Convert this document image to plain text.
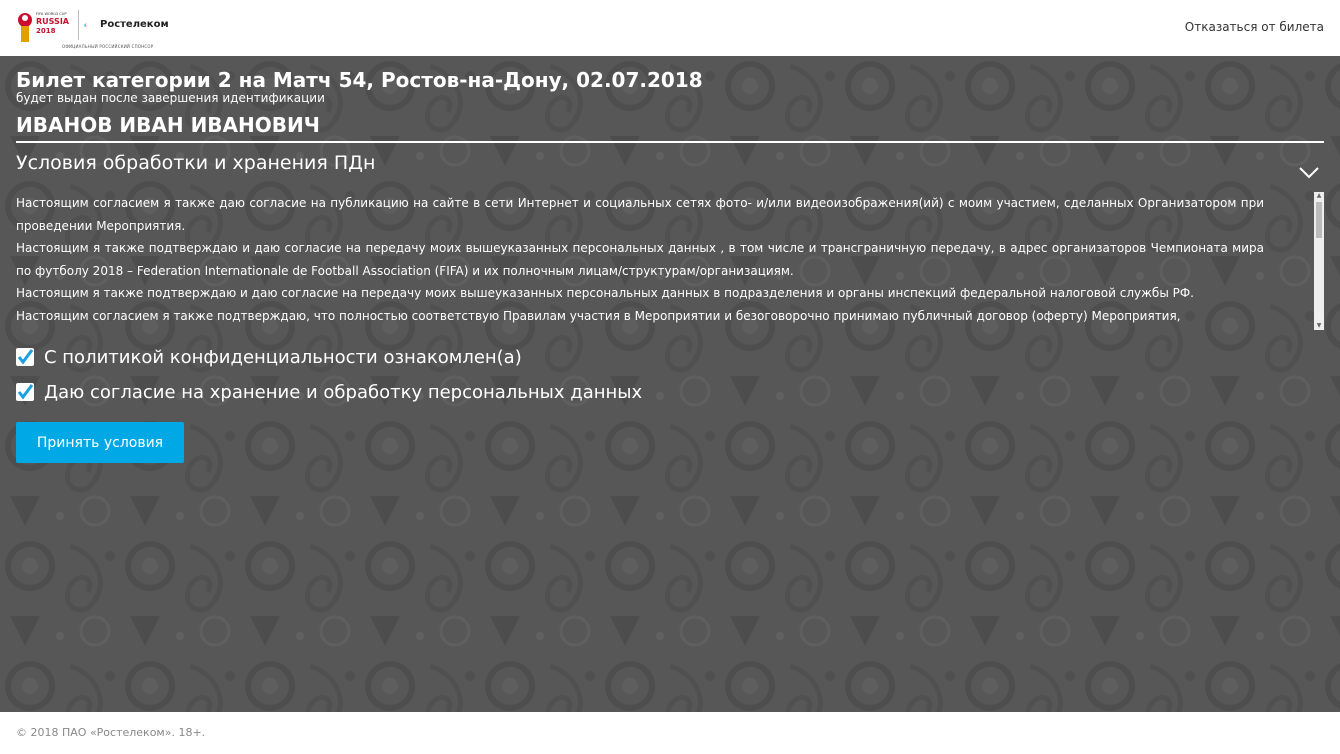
FIFA WORLD CUP
RUSSIA
2018
Ростелеком
ОФИЦИАЛЬНЫЙ РОССИЙСКИЙ СПОНСОР
Отказаться от билета
Билет категории 2 на Матч 54, Ростов-на-Дону, 02.07.2018
будет выдан после завершения идентификации
ИВАНОВ ИВАН ИВАНОВИЧ
Условия обработки и хранения ПДн

Настоящим согласием я также даю согласие на публикацию на сайте в сети Интернет и социальных сетях фото- и/или видеоизображения(ий) с моим участием, сделанных Организатором при проведении Мероприятия.

Настоящим я также подтверждаю и даю согласие на передачу моих вышеуказанных персональных данных , в том числе и трансграничную передачу, в адрес организаторов Чемпионата мира по футболу 2018 – Federation Internationale de Football Association (FIFA) и их полночным лицам/структурам/организациям.

Настоящим я также подтверждаю и даю согласие на передачу моих вышеуказанных персональных данных в подразделения и органы инспекций федеральной налоговой службы РФ.

Настоящим согласием я также подтверждаю, что полностью соответствую Правилам участия в Мероприятии и безоговорочно принимаю публичный договор (оферту) Мероприятия,

▲
▼
С политикой конфиденциальности ознакомлен(а)
Даю согласие на хранение и обработку персональных данных
Принять условия
© 2018 ПАО «Ростелеком». 18+.
